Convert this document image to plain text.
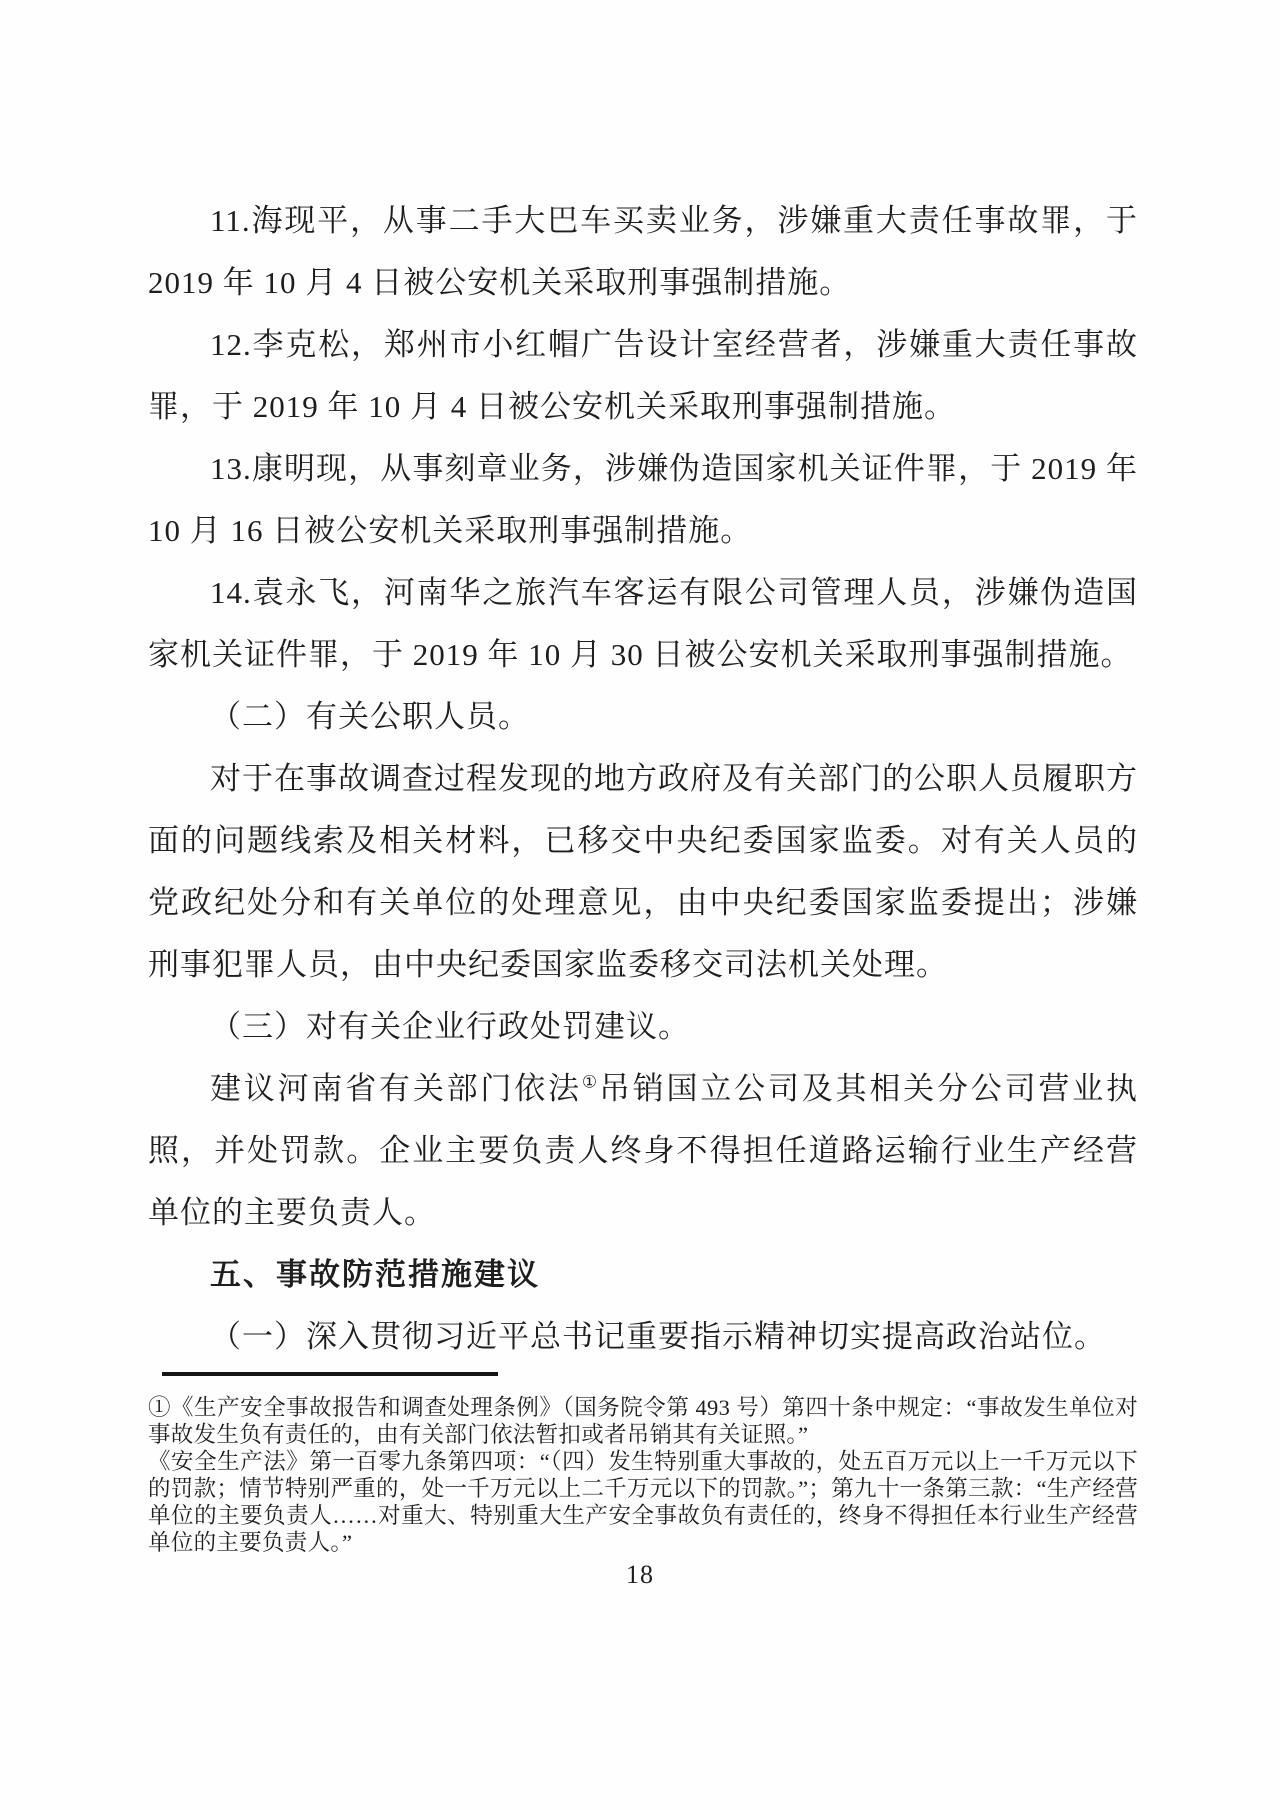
11.海现平，从事二手大巴车买卖业务，涉嫌重大责任事故罪，于 2019 年 10 月 4 日被公安机关采取刑事强制措施。

12.李克松，郑州市小红帽广告设计室经营者，涉嫌重大责任事故罪，于 2019 年 10 月 4 日被公安机关采取刑事强制措施。

13.康明现，从事刻章业务，涉嫌伪造国家机关证件罪，于 2019 年 10 月 16 日被公安机关采取刑事强制措施。

14.袁永飞，河南华之旅汽车客运有限公司管理人员，涉嫌伪造国家机关证件罪，于 2019 年 10 月 30 日被公安机关采取刑事强制措施。

（二）有关公职人员。

对于在事故调查过程发现的地方政府及有关部门的公职人员履职方面的问题线索及相关材料，已移交中央纪委国家监委。对有关人员的党政纪处分和有关单位的处理意见，由中央纪委国家监委提出；涉嫌刑事犯罪人员，由中央纪委国家监委移交司法机关处理。

（三）对有关企业行政处罚建议。

建议河南省有关部门依法①吊销国立公司及其相关分公司营业执照，并处罚款。企业主要负责人终身不得担任道路运输行业生产经营单位的主要负责人。

五、事故防范措施建议

（一）深入贯彻习近平总书记重要指示精神切实提高政治站位。

①《生产安全事故报告和调查处理条例》（国务院令第 493 号）第四十条中规定：“事故发生单位对事故发生负有责任的，由有关部门依法暂扣或者吊销其有关证照。”

《安全生产法》第一百零九条第四项：“（四）发生特别重大事故的，处五百万元以上一千万元以下的罚款；情节特别严重的，处一千万元以上二千万元以下的罚款。”；第九十一条第三款：“生产经营单位的主要负责人……对重大、特别重大生产安全事故负有责任的，终身不得担任本行业生产经营单位的主要负责人。”

18
